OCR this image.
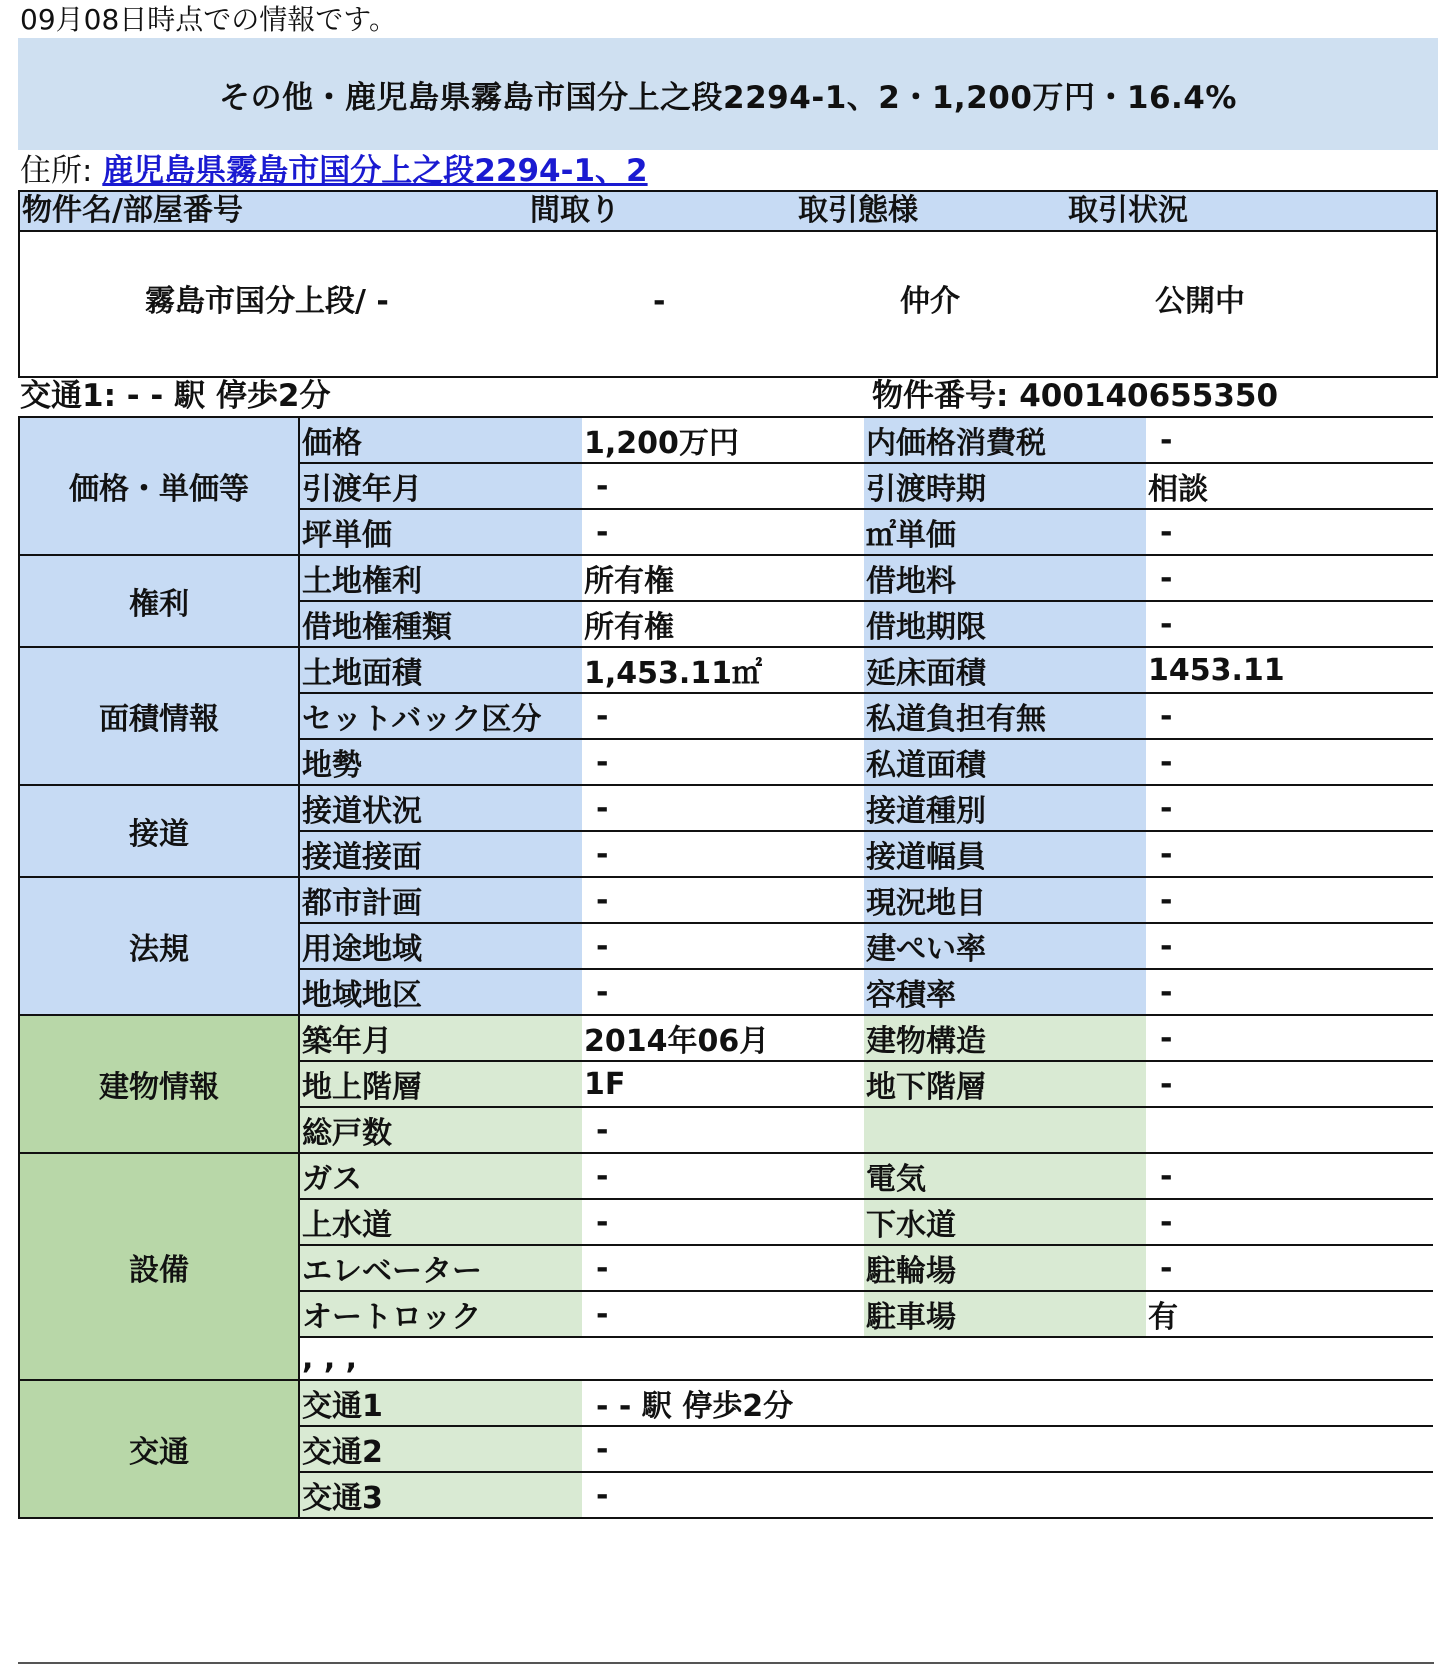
09月08日時点での情報です。
その他・鹿児島県霧島市国分上之段2294-1、2・1,200万円・16.4%
住所: 鹿児島県霧島市国分上之段2294-1、2
物件名/部屋番号	間取り	取引態様	取引状況
霧島市国分上段/ -	-	仲介	公開中
交通1: - - 駅 停歩2分	物件番号: 400140655350
価格・単価等	価格	1,200万円	内価格消費税	-
	引渡年月	-	引渡時期	相談
	坪単価	-	㎡単価	-
権利	土地権利	所有権	借地料	-
	借地権種類	所有権	借地期限	-
面積情報	土地面積	1,453.11㎡	延床面積	1453.11
	セットバック区分	-	私道負担有無	-
	地勢	-	私道面積	-
接道	接道状況	-	接道種別	-
	接道接面	-	接道幅員	-
法規	都市計画	-	現況地目	-
	用途地域	-	建ぺい率	-
	地域地区	-	容積率	-
建物情報	築年月	2014年06月	建物構造	-
	地上階層	1F	地下階層	-
	総戸数	-		
設備	ガス	-	電気	-
	上水道	-	下水道	-
	エレベーター	-	駐輪場	-
	オートロック	-	駐車場	有
	, , ,			
交通	交通1	- - 駅 停歩2分		
	交通2	-		
	交通3	-		
